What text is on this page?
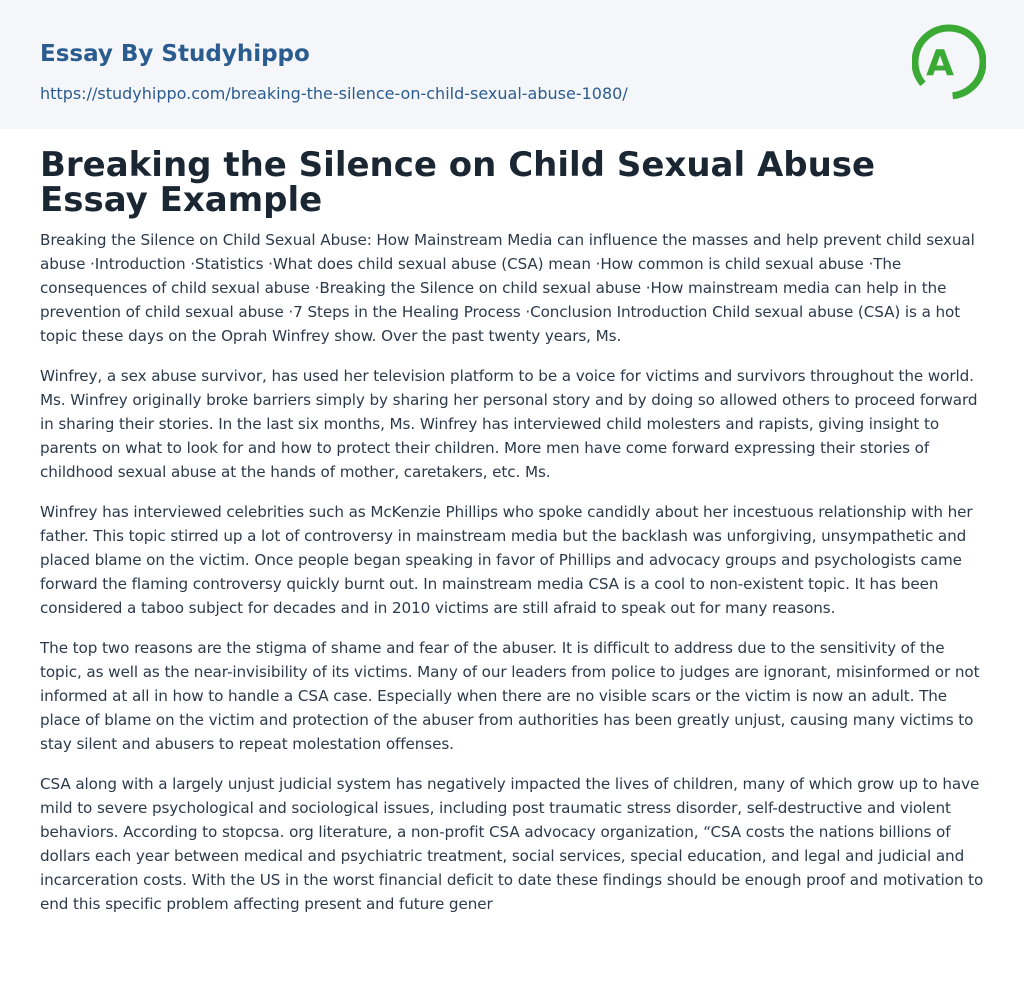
Essay By Studyhippo
https://studyhippo.com/breaking-the-silence-on-child-sexual-abuse-1080/
A
Breaking the Silence on Child Sexual Abuse Essay Example

Breaking the Silence on Child Sexual Abuse: How Mainstream Media can influence the masses and help prevent child sexual abuse ·Introduction ·Statistics ·What does child sexual abuse (CSA) mean ·How common is child sexual abuse ·The consequences of child sexual abuse ·Breaking the Silence on child sexual abuse ·How mainstream media can help in the prevention of child sexual abuse ·7 Steps in the Healing Process ·Conclusion Introduction Child sexual abuse (CSA) is a hot topic these days on the Oprah Winfrey show. Over the past twenty years, Ms.

Winfrey, a sex abuse survivor, has used her television platform to be a voice for victims and survivors throughout the world. Ms. Winfrey originally broke barriers simply by sharing her personal story and by doing so allowed others to proceed forward in sharing their stories. In the last six months, Ms. Winfrey has interviewed child molesters and rapists, giving insight to parents on what to look for and how to protect their children. More men have come forward expressing their stories of childhood sexual abuse at the hands of mother, caretakers, etc. Ms.

Winfrey has interviewed celebrities such as McKenzie Phillips who spoke candidly about her incestuous relationship with her father. This topic stirred up a lot of controversy in mainstream media but the backlash was unforgiving, unsympathetic and placed blame on the victim. Once people began speaking in favor of Phillips and advocacy groups and psychologists came forward the flaming controversy quickly burnt out. In mainstream media CSA is a cool to non-existent topic. It has been considered a taboo subject for decades and in 2010 victims are still afraid to speak out for many reasons.

The top two reasons are the stigma of shame and fear of the abuser. It is difficult to address due to the sensitivity of the topic, as well as the near-invisibility of its victims. Many of our leaders from police to judges are ignorant, misinformed or not informed at all in how to handle a CSA case. Especially when there are no visible scars or the victim is now an adult. The place of blame on the victim and protection of the abuser from authorities has been greatly unjust, causing many victims to stay silent and abusers to repeat molestation offenses.

CSA along with a largely unjust judicial system has negatively impacted the lives of children, many of which grow up to have mild to severe psychological and sociological issues, including post traumatic stress disorder, self-destructive and violent behaviors. According to stopcsa. org literature, a non-profit CSA advocacy organization, “CSA costs the nations billions of dollars each year between medical and psychiatric treatment, social services, special education, and legal and judicial and incarceration costs. With the US in the worst financial deficit to date these findings should be enough proof and motivation to end this specific problem affecting present and future gener
